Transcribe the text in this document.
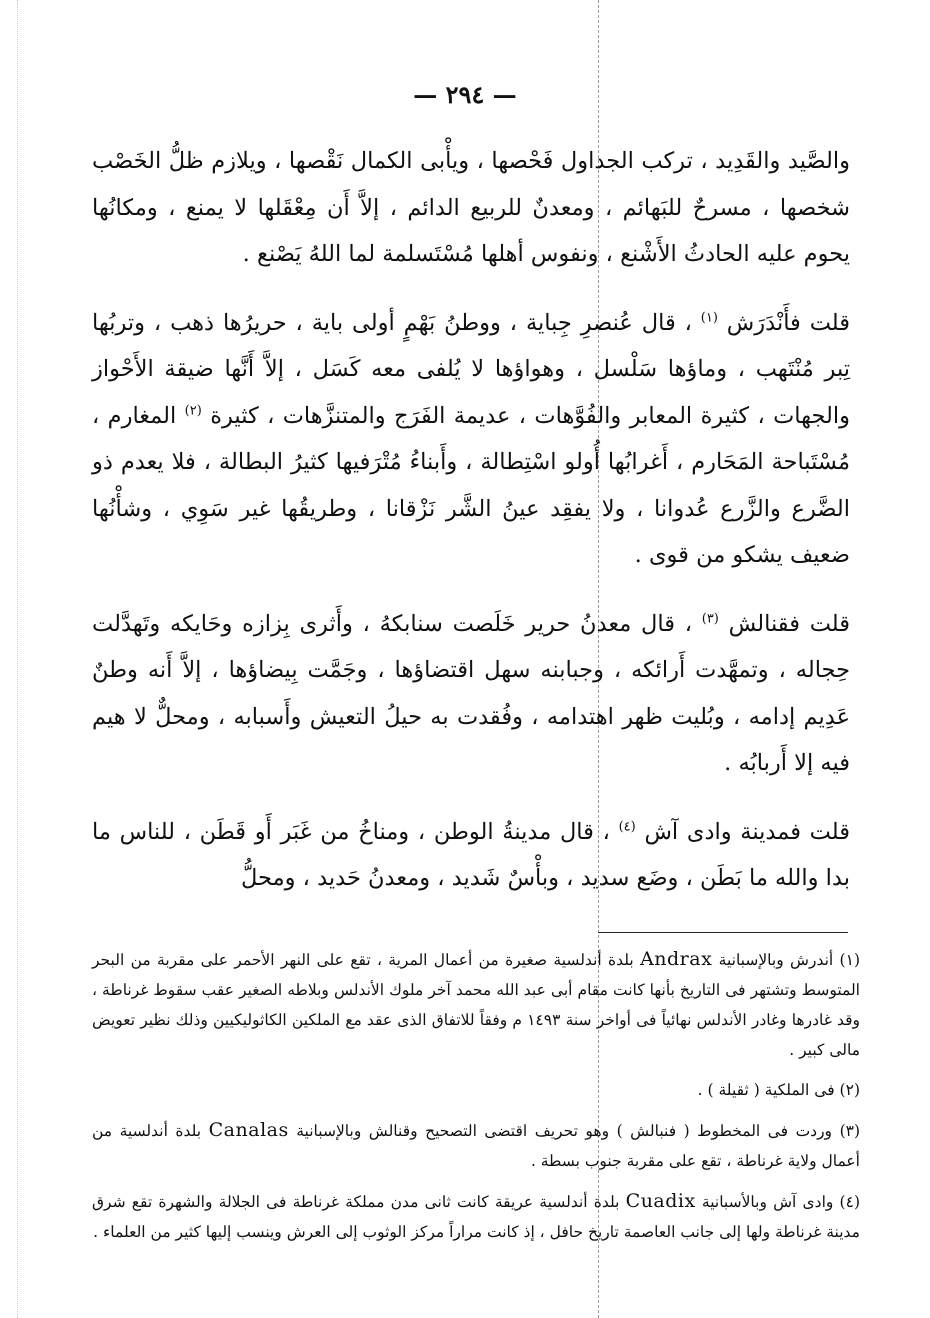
— ٢٩٤ —

والصَّيد والقَدِيد ، تركب الجداول فَحْصها ، ويأْبى الكمال نَقْصها ، ويلازم ظلُّ الخَصْب شخصها ، مسرحٌ للبَهائم ، ومعدنٌ للربيع الدائم ، إلاَّ أَن مِعْقَلها لا يمنع ، ومكانُها يحوم عليه الحادثُ الأَشْنع ، ونفوس أهلها مُسْتَسلمة لما اللهُ يَصْنع .

قلت فأَنْدَرَش $^{(١)}$ ، قال عُنصرِ جِباية ، ووطنُ بَهْمٍ أولى باية ، حريرُها ذهب ، وتربُها تِبر مُنْتَهب ، وماؤها سَلْسل ، وهواؤها لا يُلفى معه كَسَل ، إلاَّ أَنَّها ضيقة الأَحْواز والجهات ، كثيرة المعابر والفُوَّهات ، عديمة الفَرَج والمتنزَّهات ، كثيرة $^{(٢)}$ المغارم ، مُسْتَباحة المَحَارم ، أَغرابُها أُولو اسْتِطالة ، وأَبناءُ مُتْرَفيها كثيرُ البطالة ، فلا يعدم ذو الضَّرع والزَّرع عُدوانا ، ولا يفقِد عينُ الشَّر نَزْقانا ، وطريقُها غير سَوِي ، وشأْنُها ضعيف يشكو من قوى .

قلت فقنالش $^{(٣)}$ ، قال معدنُ حرير خَلَصت سنابكهُ ، وأَثرى بِزازه وحَايكه وتَهدَّلت حِجاله ، وتمهَّدت أَرائكه ، وجبابنه سهل اقتضاؤها ، وجَمَّت بِيضاؤها ، إلاَّ أَنه وطنٌ عَدِيم إدامه ، وبُليت ظهر اهتدامه ، وفُقدت به حيلُ التعيش وأَسبابه ، ومحلٌّ لا هيم فيه إلا أَربابُه .

قلت فمدينة وادى آش $^{(٤)}$ ، قال مدينةُ الوطن ، ومناخُ من غَبَر أَو قَطَن ، للناس ما بدا والله ما بَطَن ، وضَع سديد ، وبأْسٌ شَديد ، ومعدنُ حَديد ، ومحلُّ

(١) أندرش وبالإسبانية Andrax بلدة أندلسية صغيرة من أعمال المرية ، تقع على النهر الأحمر على مقربة من البحر المتوسط وتشتهر فى التاريخ بأنها كانت مقام أبى عبد الله محمد آخر ملوك الأندلس وبلاطه الصغير عقب سقوط غرناطة ، وقد غادرها وغادر الأندلس نهائياً فى أواخر سنة ١٤٩٣ م وفقاً للاتفاق الذى عقد مع الملكين الكاثوليكيين وذلك نظير تعويض مالى كبير .

(٢) فى الملكية ( ثقيلة ) .

(٣) وردت فى المخطوط ( فنبالش ) وهو تحريف اقتضى التصحيح وقنالش وبالإسبانية Canalas بلدة أندلسية من أعمال ولاية غرناطة ، تقع على مقربة جنوب بسطة .

(٤) وادى آش وبالأسبانية Cuadix بلدة أندلسية عريقة كانت ثانى مدن مملكة غرناطة فى الجلالة والشهرة تقع شرق مدينة غرناطة ولها إلى جانب العاصمة تاريخ حافل ، إذ كانت مراراً مركز الوثوب إلى العرش وينسب إليها كثير من العلماء .
